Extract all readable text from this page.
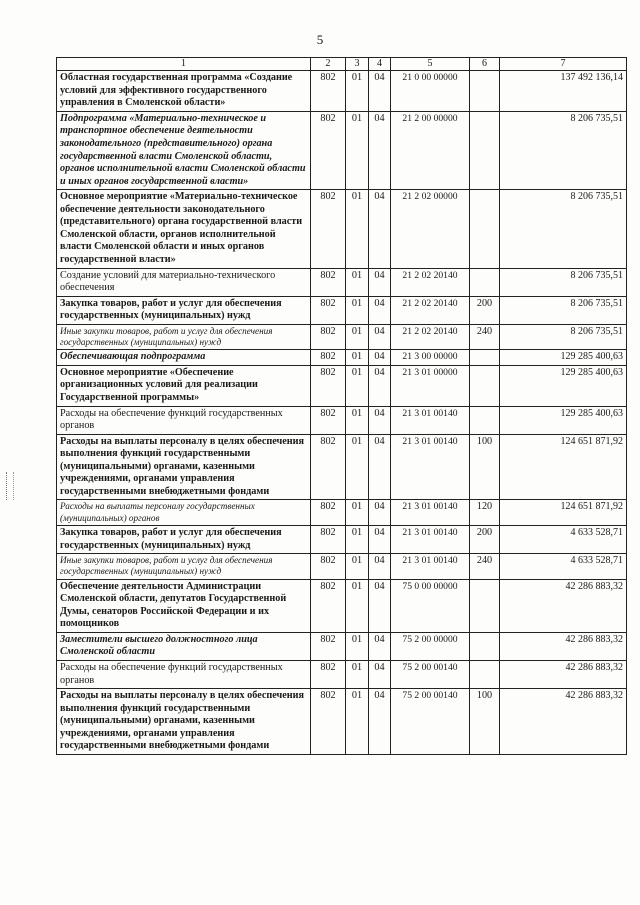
5
1	2	3	4	5	6	7
Областная государственная программа «Создание условий для эффективного государственного управления в Смоленской области»	802	01	04	21 0 00 00000		137 492 136,14
Подпрограмма «Материально-техническое и транспортное обеспечение деятельности законодательного (представительного) органа государственной власти Смоленской области, органов исполнительной власти Смоленской области и иных органов государственной власти»	802	01	04	21 2 00 00000		8 206 735,51
Основное мероприятие «Материально-техническое обеспечение деятельности законодательного (представительного) органа государственной власти Смоленской области, органов исполнительной власти Смоленской области и иных органов государственной власти»	802	01	04	21 2 02 00000		8 206 735,51
Создание условий для материально-технического обеспечения	802	01	04	21 2 02 20140		8 206 735,51
Закупка товаров, работ и услуг для обеспечения государственных (муниципальных) нужд	802	01	04	21 2 02 20140	200	8 206 735,51
Иные закупки товаров, работ и услуг для обеспечения государственных (муниципальных) нужд	802	01	04	21 2 02 20140	240	8 206 735,51
Обеспечивающая подпрограмма	802	01	04	21 3 00 00000		129 285 400,63
Основное мероприятие «Обеспечение организационных условий для реализации Государственной программы»	802	01	04	21 3 01 00000		129 285 400,63
Расходы на обеспечение функций государственных органов	802	01	04	21 3 01 00140		129 285 400,63
Расходы на выплаты персоналу в целях обеспечения выполнения функций государственными (муниципальными) органами, казенными учреждениями, органами управления государственными внебюджетными фондами	802	01	04	21 3 01 00140	100	124 651 871,92
Расходы на выплаты персоналу государственных (муниципальных) органов	802	01	04	21 3 01 00140	120	124 651 871,92
Закупка товаров, работ и услуг для обеспечения государственных (муниципальных) нужд	802	01	04	21 3 01 00140	200	4 633 528,71
Иные закупки товаров, работ и услуг для обеспечения государственных (муниципальных) нужд	802	01	04	21 3 01 00140	240	4 633 528,71
Обеспечение деятельности Администрации Смоленской области, депутатов Государственной Думы, сенаторов Российской Федерации и их помощников	802	01	04	75 0 00 00000		42 286 883,32
Заместители высшего должностного лица Смоленской области	802	01	04	75 2 00 00000		42 286 883,32
Расходы на обеспечение функций государственных органов	802	01	04	75 2 00 00140		42 286 883,32
Расходы на выплаты персоналу в целях обеспечения выполнения функций государственными (муниципальными) органами, казенными учреждениями, органами управления государственными внебюджетными фондами	802	01	04	75 2 00 00140	100	42 286 883,32
